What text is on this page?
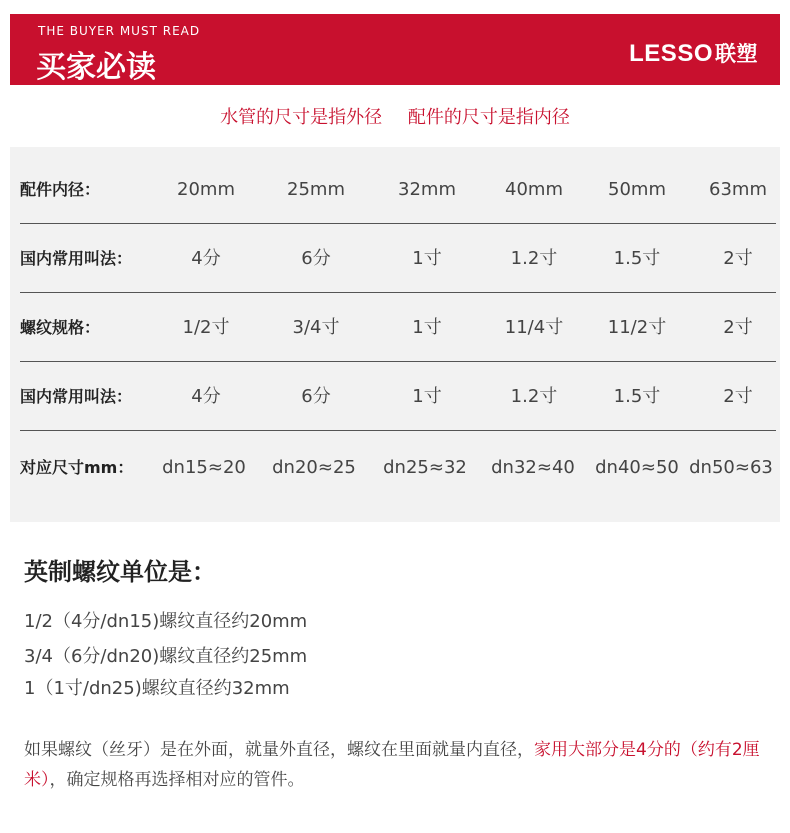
THE BUYER MUST READ
买家必读	LESSO联塑
水管的尺寸是指外径 配件的尺寸是指内径
配件内径：	20mm	25mm	32mm	40mm	50mm	63mm
国内常用叫法：	4分	6分	1寸	1.2寸	1.5寸	2寸
螺纹规格：	1/2寸	3/4寸	1寸	11/4寸	11/2寸	2寸
国内常用叫法：	4分	6分	1寸	1.2寸	1.5寸	2寸
对应尺寸mm：	dn15≈20	dn20≈25	dn25≈32	dn32≈40	dn40≈50 dn50≈63
英制螺纹单位是：
1/2（4分/dn15)螺纹直径约20mm
3/4（6分/dn20)螺纹直径约25mm
1（1寸/dn25)螺纹直径约32mm
如果螺纹（丝牙）是在外面，就量外直径，螺纹在里面就量内直径，家用大部分是4分的（约有2厘米），确定规格再选择相对应的管件。
